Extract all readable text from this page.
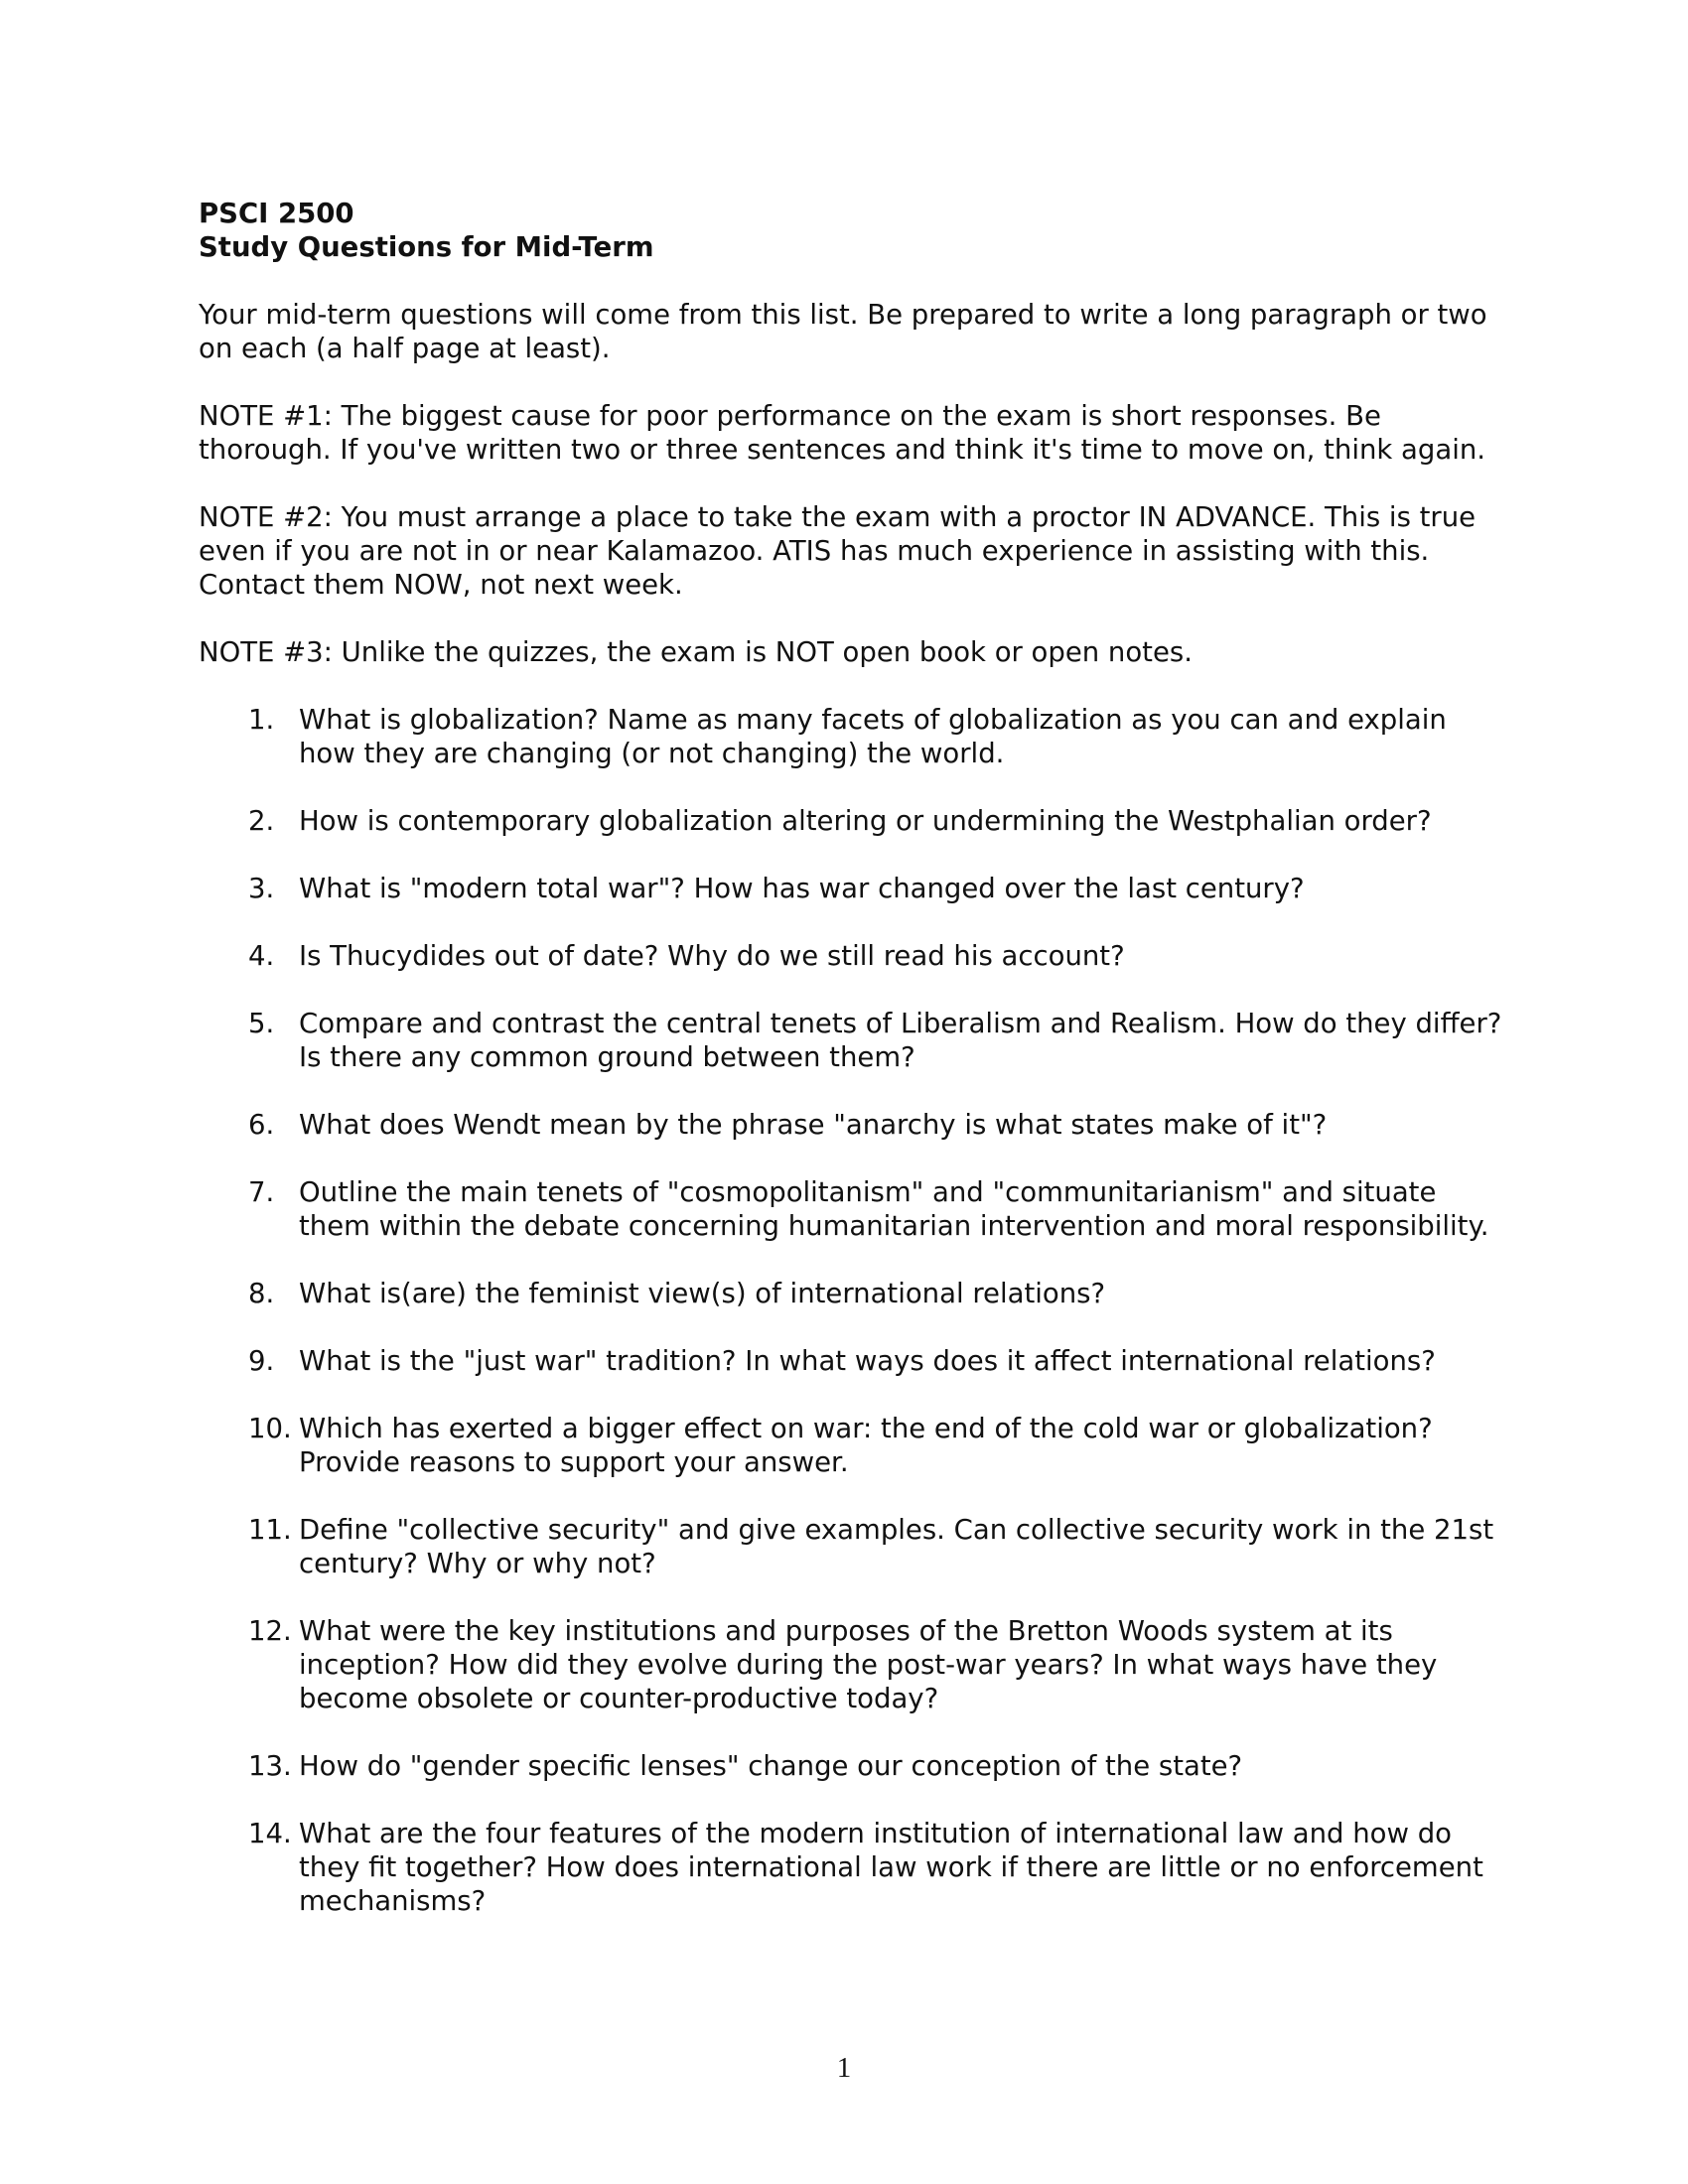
PSCI 2500

Study Questions for Mid-Term

Your mid-term questions will come from this list. Be prepared to write a long paragraph or two on each (a half page at least).

NOTE #1: The biggest cause for poor performance on the exam is short responses. Be thorough. If you've written two or three sentences and think it's time to move on, think again.

NOTE #2: You must arrange a place to take the exam with a proctor IN ADVANCE. This is true even if you are not in or near Kalamazoo. ATIS has much experience in assisting with this. Contact them NOW, not next week.

NOTE #3: Unlike the quizzes, the exam is NOT open book or open notes.

1. What is globalization? Name as many facets of globalization as you can and explain how they are changing (or not changing) the world.
2. How is contemporary globalization altering or undermining the Westphalian order?
3. What is "modern total war"? How has war changed over the last century?
4. Is Thucydides out of date? Why do we still read his account?
5. Compare and contrast the central tenets of Liberalism and Realism. How do they differ? Is there any common ground between them?
6. What does Wendt mean by the phrase "anarchy is what states make of it"?
7. Outline the main tenets of "cosmopolitanism" and "communitarianism" and situate them within the debate concerning humanitarian intervention and moral responsibility.
8. What is(are) the feminist view(s) of international relations?
9. What is the "just war" tradition? In what ways does it affect international relations?
10. Which has exerted a bigger effect on war: the end of the cold war or globalization? Provide reasons to support your answer.
11. Define "collective security" and give examples. Can collective security work in the 21st century? Why or why not?
12. What were the key institutions and purposes of the Bretton Woods system at its inception? How did they evolve during the post-war years? In what ways have they become obsolete or counter-productive today?
13. How do "gender specific lenses" change our conception of the state?
14. What are the four features of the modern institution of international law and how do they fit together? How does international law work if there are little or no enforcement mechanisms?
1
